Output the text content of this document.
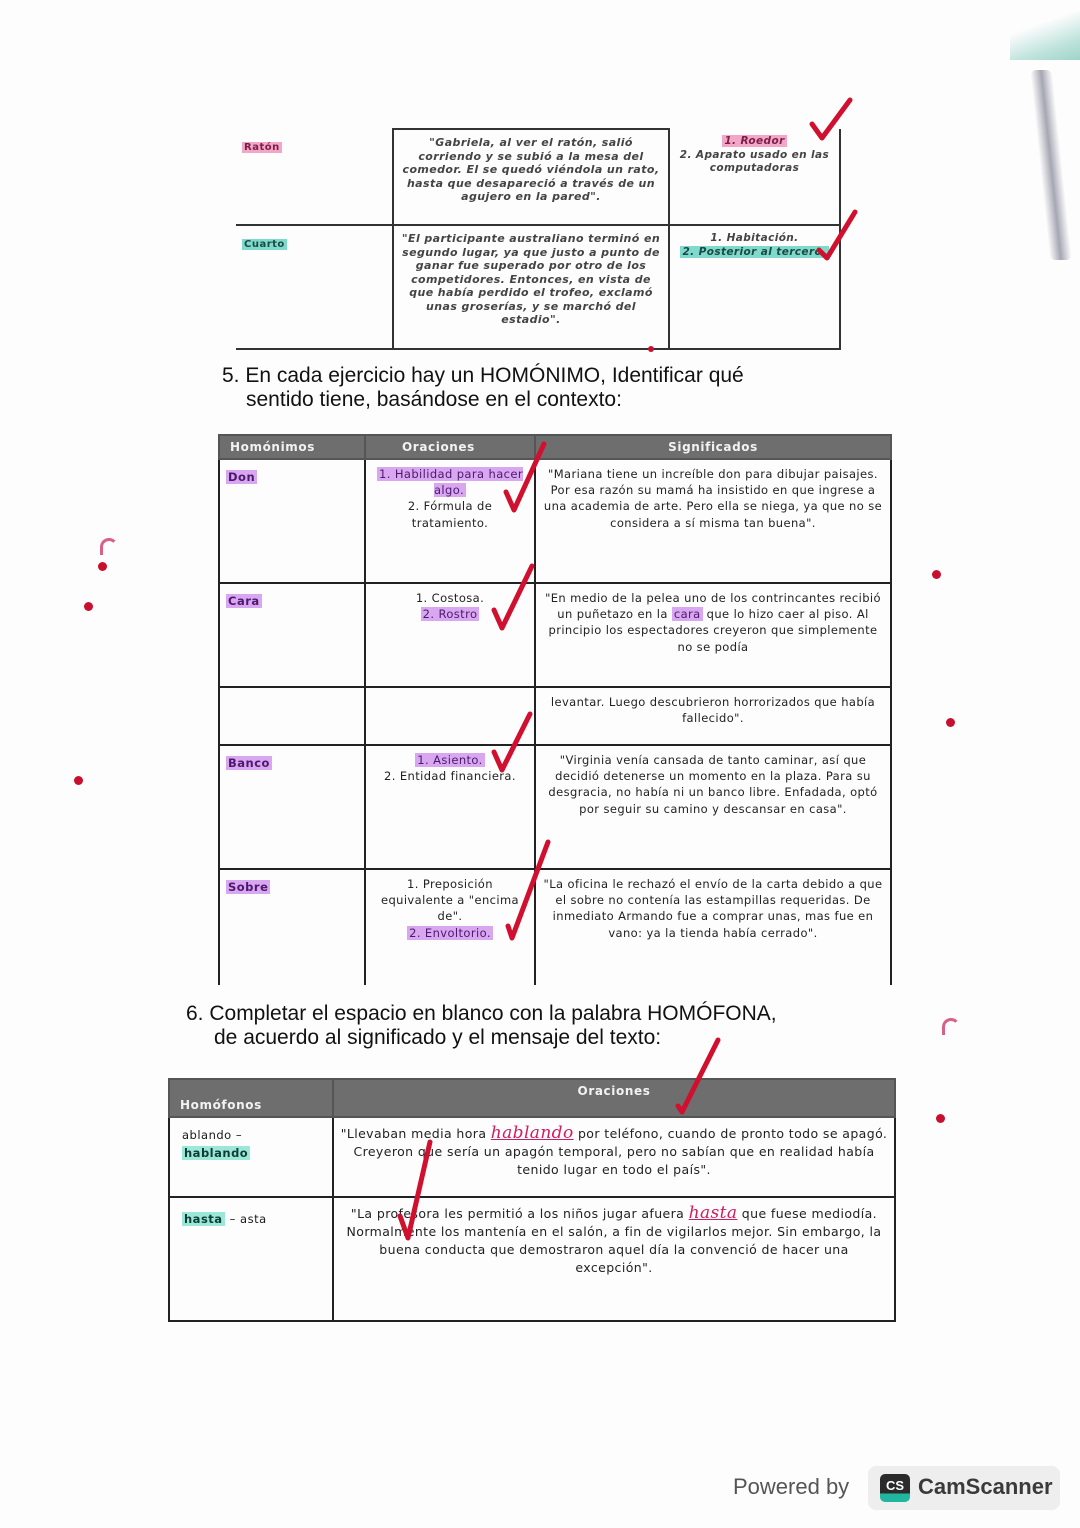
Ratón	"Gabriela, al ver el ratón, salió corriendo y se subió a la mesa del comedor. El se quedó viéndola un rato, hasta que desapareció a través de un agujero en la pared".	1. Roedor
2. Aparato usado en las computadoras

Cuarto	"El participante australiano terminó en segundo lugar, ya que justo a punto de ganar fue superado por otro de los competidores. Entonces, en vista de que había perdido el trofeo, exclamó unas groserías, y se marchó del estadio".	1. Habitación.
2. Posterior al tercero.
5. En cada ejercicio hay un HOMÓNIMO, Identificar qué
sentido tiene, basándose en el contexto:
Homónimos	Oraciones	Significados
Don	1. Habilidad para hacer algo.
2. Fórmula de tratamiento.	"Mariana tiene un increíble don para dibujar paisajes. Por esa razón su mamá ha insistido en que ingrese a una academia de arte. Pero ella se niega, ya que no se considera a sí misma tan buena".

Cara	1. Costosa.
2. Rostro	"En medio de la pelea uno de los contrincantes recibió un puñetazo en la cara que lo hizo caer al piso. Al principio los espectadores creyeron que simplemente no se podía

		levantar. Luego descubrieron horrorizados que había fallecido".

Banco	1. Asiento.
2. Entidad financiera.	"Virginia venía cansada de tanto caminar, así que decidió detenerse un momento en la plaza. Para su desgracia, no había ni un banco libre. Enfadada, optó por seguir su camino y descansar en casa".

Sobre	1. Preposición equivalente a "encima de".
2. Envoltorio.	"La oficina le rechazó el envío de la carta debido a que el sobre no contenía las estampillas requeridas. De inmediato Armando fue a comprar unas, mas fue en vano: ya la tienda había cerrado".
6. Completar el espacio en blanco con la palabra HOMÓFONA,
de acuerdo al significado y el mensaje del texto:
Homófonos	Oraciones

ablando –
hablando	"Llevaban media hora hablando por teléfono, cuando de pronto todo se apagó. Creyeron que sería un apagón temporal, pero no sabían que en realidad había tenido lugar en todo el país".

hasta – asta	"La profesora les permitió a los niños jugar afuera hasta que fuese mediodía. Normalmente los mantenía en el salón, a fin de vigilarlos mejor. Sin embargo, la buena conducta que demostraron aquel día la convenció de hacer una excepción".
Powered by	CS CamScanner
